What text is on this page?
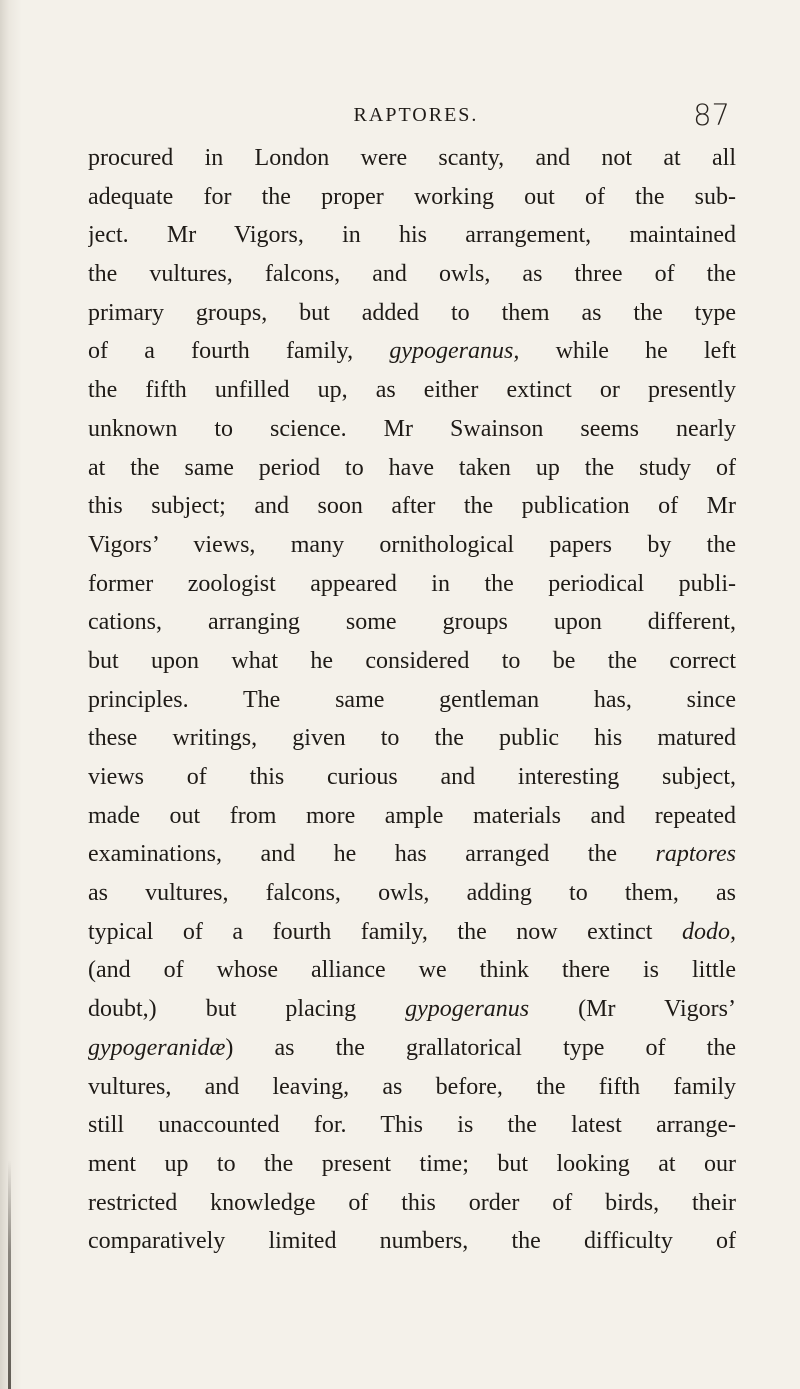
RAPTORES.	87
procured in London were scanty, and not at all
adequate for the proper working out of the sub-
ject. Mr Vigors, in his arrangement, maintained
the vultures, falcons, and owls, as three of the
primary groups, but added to them as the type
of a fourth family, gypogeranus, while he left
the fifth unfilled up, as either extinct or presently
unknown to science. Mr Swainson seems nearly
at the same period to have taken up the study of
this subject; and soon after the publication of Mr
Vigors’ views, many ornithological papers by the
former zoologist appeared in the periodical publi-
cations, arranging some groups upon different,
but upon what he considered to be the correct
principles. The same gentleman has, since
these writings, given to the public his matured
views of this curious and interesting subject,
made out from more ample materials and repeated
examinations, and he has arranged the raptores
as vultures, falcons, owls, adding to them, as
typical of a fourth family, the now extinct dodo,
(and of whose alliance we think there is little
doubt,) but placing gypogeranus (Mr Vigors’
gypogeranidæ) as the grallatorical type of the
vultures, and leaving, as before, the fifth family
still unaccounted for. This is the latest arrange-
ment up to the present time; but looking at our
restricted knowledge of this order of birds, their
comparatively limited numbers, the difficulty of
